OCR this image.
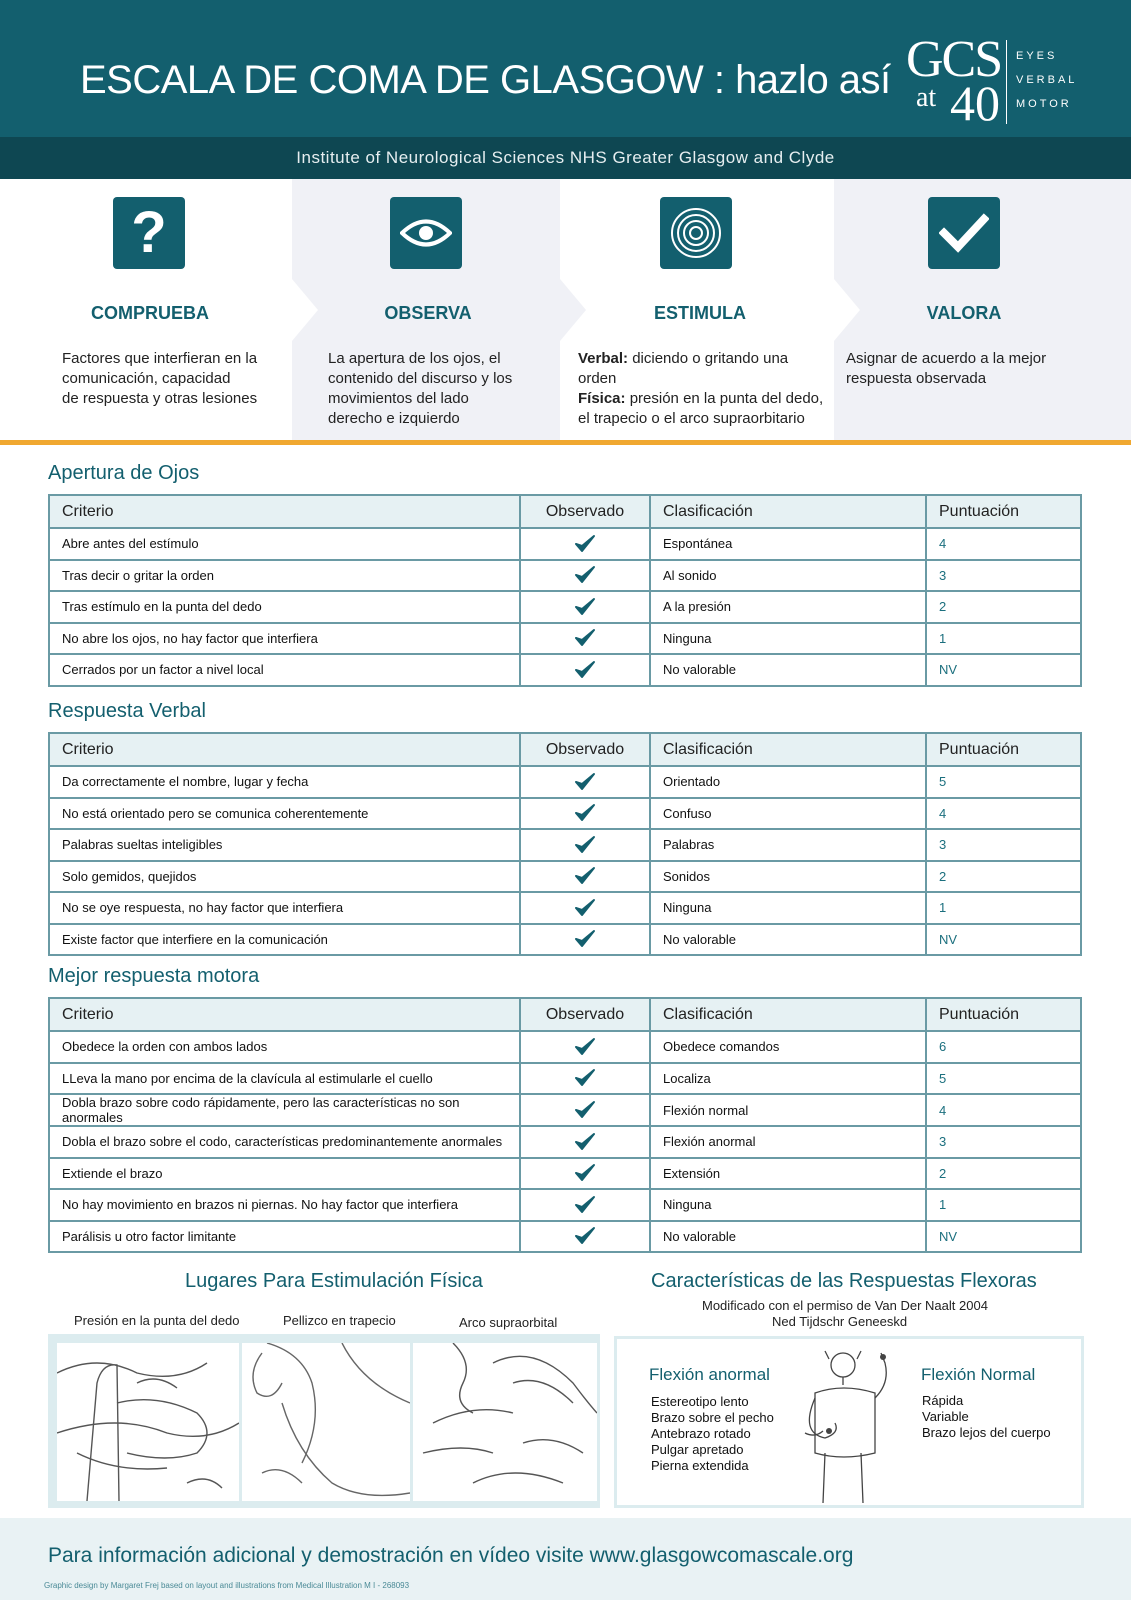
ESCALA DE COMA DE GLASGOW : hazlo así GCS
at 40
EYES
VERBAL
MOTOR
Institute of Neurological Sciences NHS Greater Glasgow and Clyde
?
COMPRUEBA
Factores que interfieran en la
comunicación, capacidad
de respuesta y otras lesiones
OBSERVA
La apertura de los ojos, el
contenido del discurso y los
movimientos del lado
derecho e izquierdo
ESTIMULA
Verbal: diciendo o gritando una
orden
Física: presión en la punta del dedo,
el trapecio o el arco supraorbitario
VALORA
Asignar de acuerdo a la mejor
respuesta observada
Apertura de Ojos
Criterio	Observado	Clasificación	Puntuación
Abre antes del estímulo		Espontánea	4
Tras decir o gritar la orden		Al sonido	3
Tras estímulo en la punta del dedo		A la presión	2
No abre los ojos, no hay factor que interfiera		Ninguna	1
Cerrados por un factor a nivel local		No valorable	NV
Respuesta Verbal
Criterio	Observado	Clasificación	Puntuación
Da correctamente el nombre, lugar y fecha		Orientado	5
No está orientado pero se comunica coherentemente		Confuso	4
Palabras sueltas inteligibles		Palabras	3
Solo gemidos, quejidos		Sonidos	2
No se oye respuesta, no hay factor que interfiera		Ninguna	1
Existe factor que interfiere en la comunicación		No valorable	NV
Mejor respuesta motora
Criterio	Observado	Clasificación	Puntuación
Obedece la orden con ambos lados		Obedece comandos	6
LLeva la mano por encima de la clavícula al estimularle el cuello		Localiza	5
Dobla brazo sobre codo rápidamente, pero las características no son anormales		Flexión normal	4
Dobla el brazo sobre el codo, características predominantemente anormales		Flexión anormal	3
Extiende el brazo		Extensión	2
No hay movimiento en brazos ni piernas. No hay factor que interfiera		Ninguna	1
Parálisis u otro factor limitante		No valorable	NV
Lugares Para Estimulación Física
Presión en la punta del dedo	Pellizco en trapecio	Arco supraorbital
Características de las Respuestas Flexoras
Modificado con el permiso de Van Der Naalt 2004
Ned Tijdschr Geneeskd
Flexión anormal
Estereotipo lento
Brazo sobre el pecho
Antebrazo rotado
Pulgar apretado
Pierna extendida
Flexión Normal
Rápida
Variable
Brazo lejos del cuerpo
Para información adicional y demostración en vídeo visite www.glasgowcomascale.org
Graphic design by Margaret Frej based on layout and illustrations from Medical Illustration M I - 268093
